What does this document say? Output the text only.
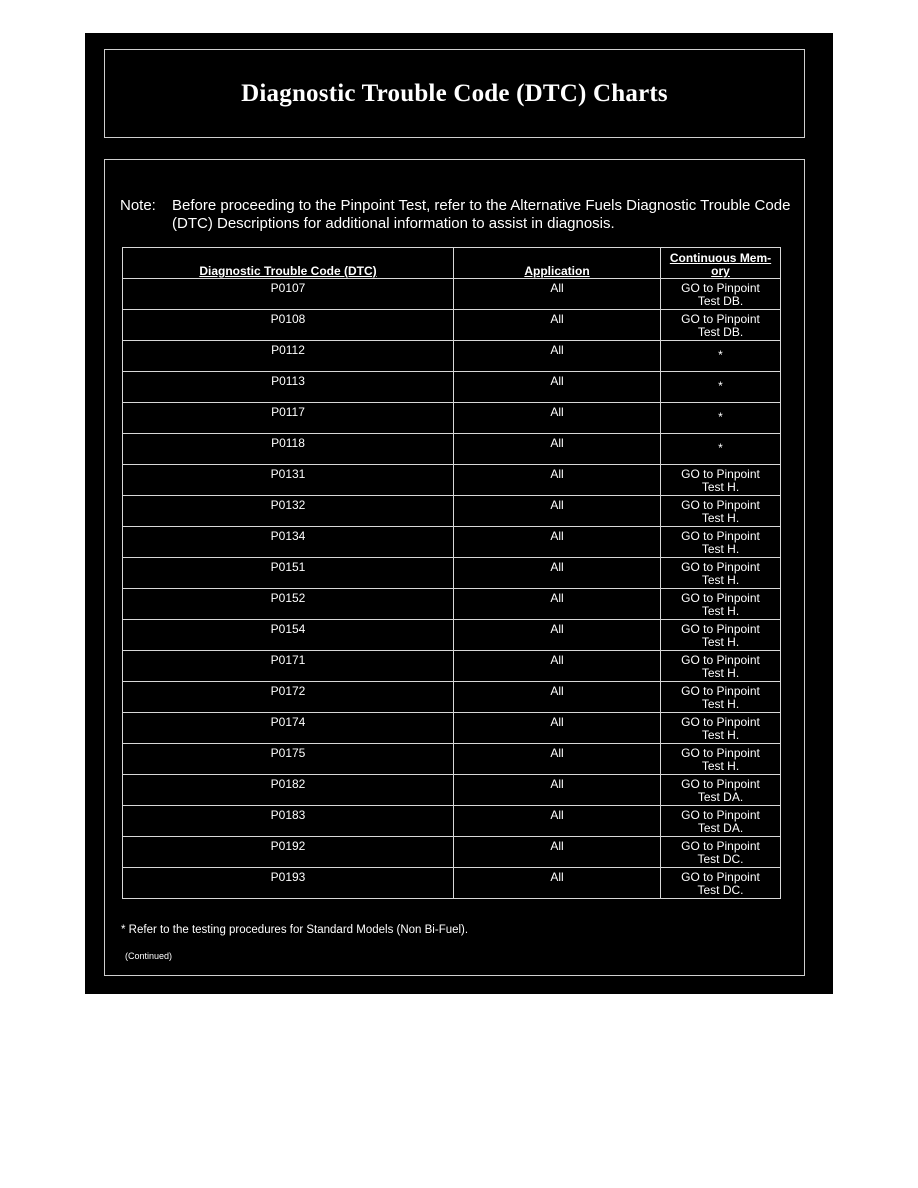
Diagnostic Trouble Code (DTC) Charts
Note: Before proceeding to the Pinpoint Test, refer to the Alternative Fuels Diagnostic Trouble Code (DTC) Descriptions for additional information to assist in diagnosis.
Diagnostic Trouble Code (DTC)	Application	Continuous Mem-ory
P0107	All	GO to Pinpoint Test DB.
P0108	All	GO to Pinpoint Test DB.
P0112	All	*
P0113	All	*
P0117	All	*
P0118	All	*
P0131	All	GO to Pinpoint Test H.
P0132	All	GO to Pinpoint Test H.
P0134	All	GO to Pinpoint Test H.
P0151	All	GO to Pinpoint Test H.
P0152	All	GO to Pinpoint Test H.
P0154	All	GO to Pinpoint Test H.
P0171	All	GO to Pinpoint Test H.
P0172	All	GO to Pinpoint Test H.
P0174	All	GO to Pinpoint Test H.
P0175	All	GO to Pinpoint Test H.
P0182	All	GO to Pinpoint Test DA.
P0183	All	GO to Pinpoint Test DA.
P0192	All	GO to Pinpoint Test DC.
P0193	All	GO to Pinpoint Test DC.
* Refer to the testing procedures for Standard Models (Non Bi-Fuel).
(Continued)
